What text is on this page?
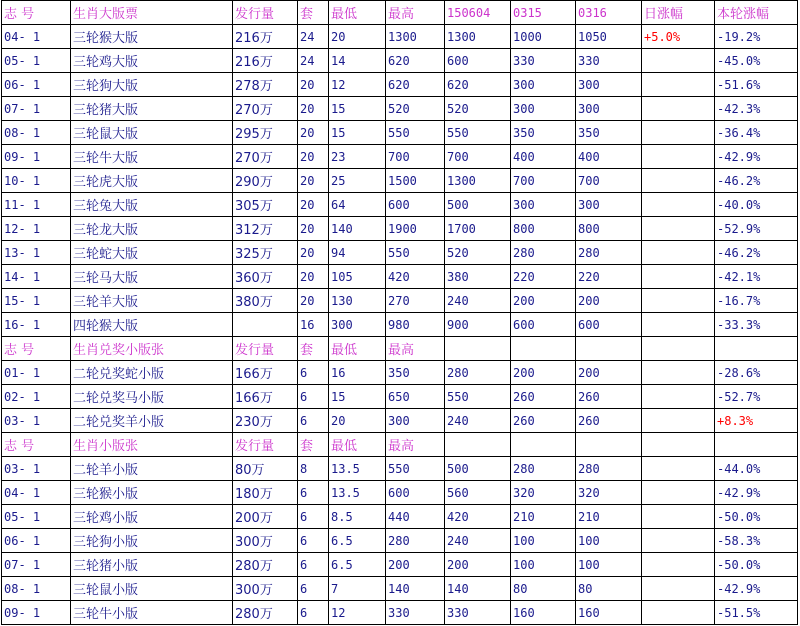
志 号	生肖大版票	发行量	套	最低	最高	150604	0315	0316	日涨幅	本轮涨幅
04- 1	三轮猴大版	216万	24	20	1300	1300	1000	1050	+5.0%	-19.2%
05- 1	三轮鸡大版	216万	24	14	620	600	330	330		-45.0%
06- 1	三轮狗大版	278万	20	12	620	620	300	300		-51.6%
07- 1	三轮猪大版	270万	20	15	520	520	300	300		-42.3%
08- 1	三轮鼠大版	295万	20	15	550	550	350	350		-36.4%
09- 1	三轮牛大版	270万	20	23	700	700	400	400		-42.9%
10- 1	三轮虎大版	290万	20	25	1500	1300	700	700		-46.2%
11- 1	三轮兔大版	305万	20	64	600	500	300	300		-40.0%
12- 1	三轮龙大版	312万	20	140	1900	1700	800	800		-52.9%
13- 1	三轮蛇大版	325万	20	94	550	520	280	280		-46.2%
14- 1	三轮马大版	360万	20	105	420	380	220	220		-42.1%
15- 1	三轮羊大版	380万	20	130	270	240	200	200		-16.7%
16- 1	四轮猴大版		16	300	980	900	600	600		-33.3%
志 号	生肖兑奖小版张	发行量	套	最低	最高					
01- 1	二轮兑奖蛇小版	166万	6	16	350	280	200	200		-28.6%
02- 1	二轮兑奖马小版	166万	6	15	650	550	260	260		-52.7%
03- 1	二轮兑奖羊小版	230万	6	20	300	240	260	260		+8.3%
志 号	生肖小版张	发行量	套	最低	最高					
03- 1	二轮羊小版	80万	8	13.5	550	500	280	280		-44.0%
04- 1	三轮猴小版	180万	6	13.5	600	560	320	320		-42.9%
05- 1	三轮鸡小版	200万	6	8.5	440	420	210	210		-50.0%
06- 1	三轮狗小版	300万	6	6.5	280	240	100	100		-58.3%
07- 1	三轮猪小版	280万	6	6.5	200	200	100	100		-50.0%
08- 1	三轮鼠小版	300万	6	7	140	140	80	80		-42.9%
09- 1	三轮牛小版	280万	6	12	330	330	160	160		-51.5%
